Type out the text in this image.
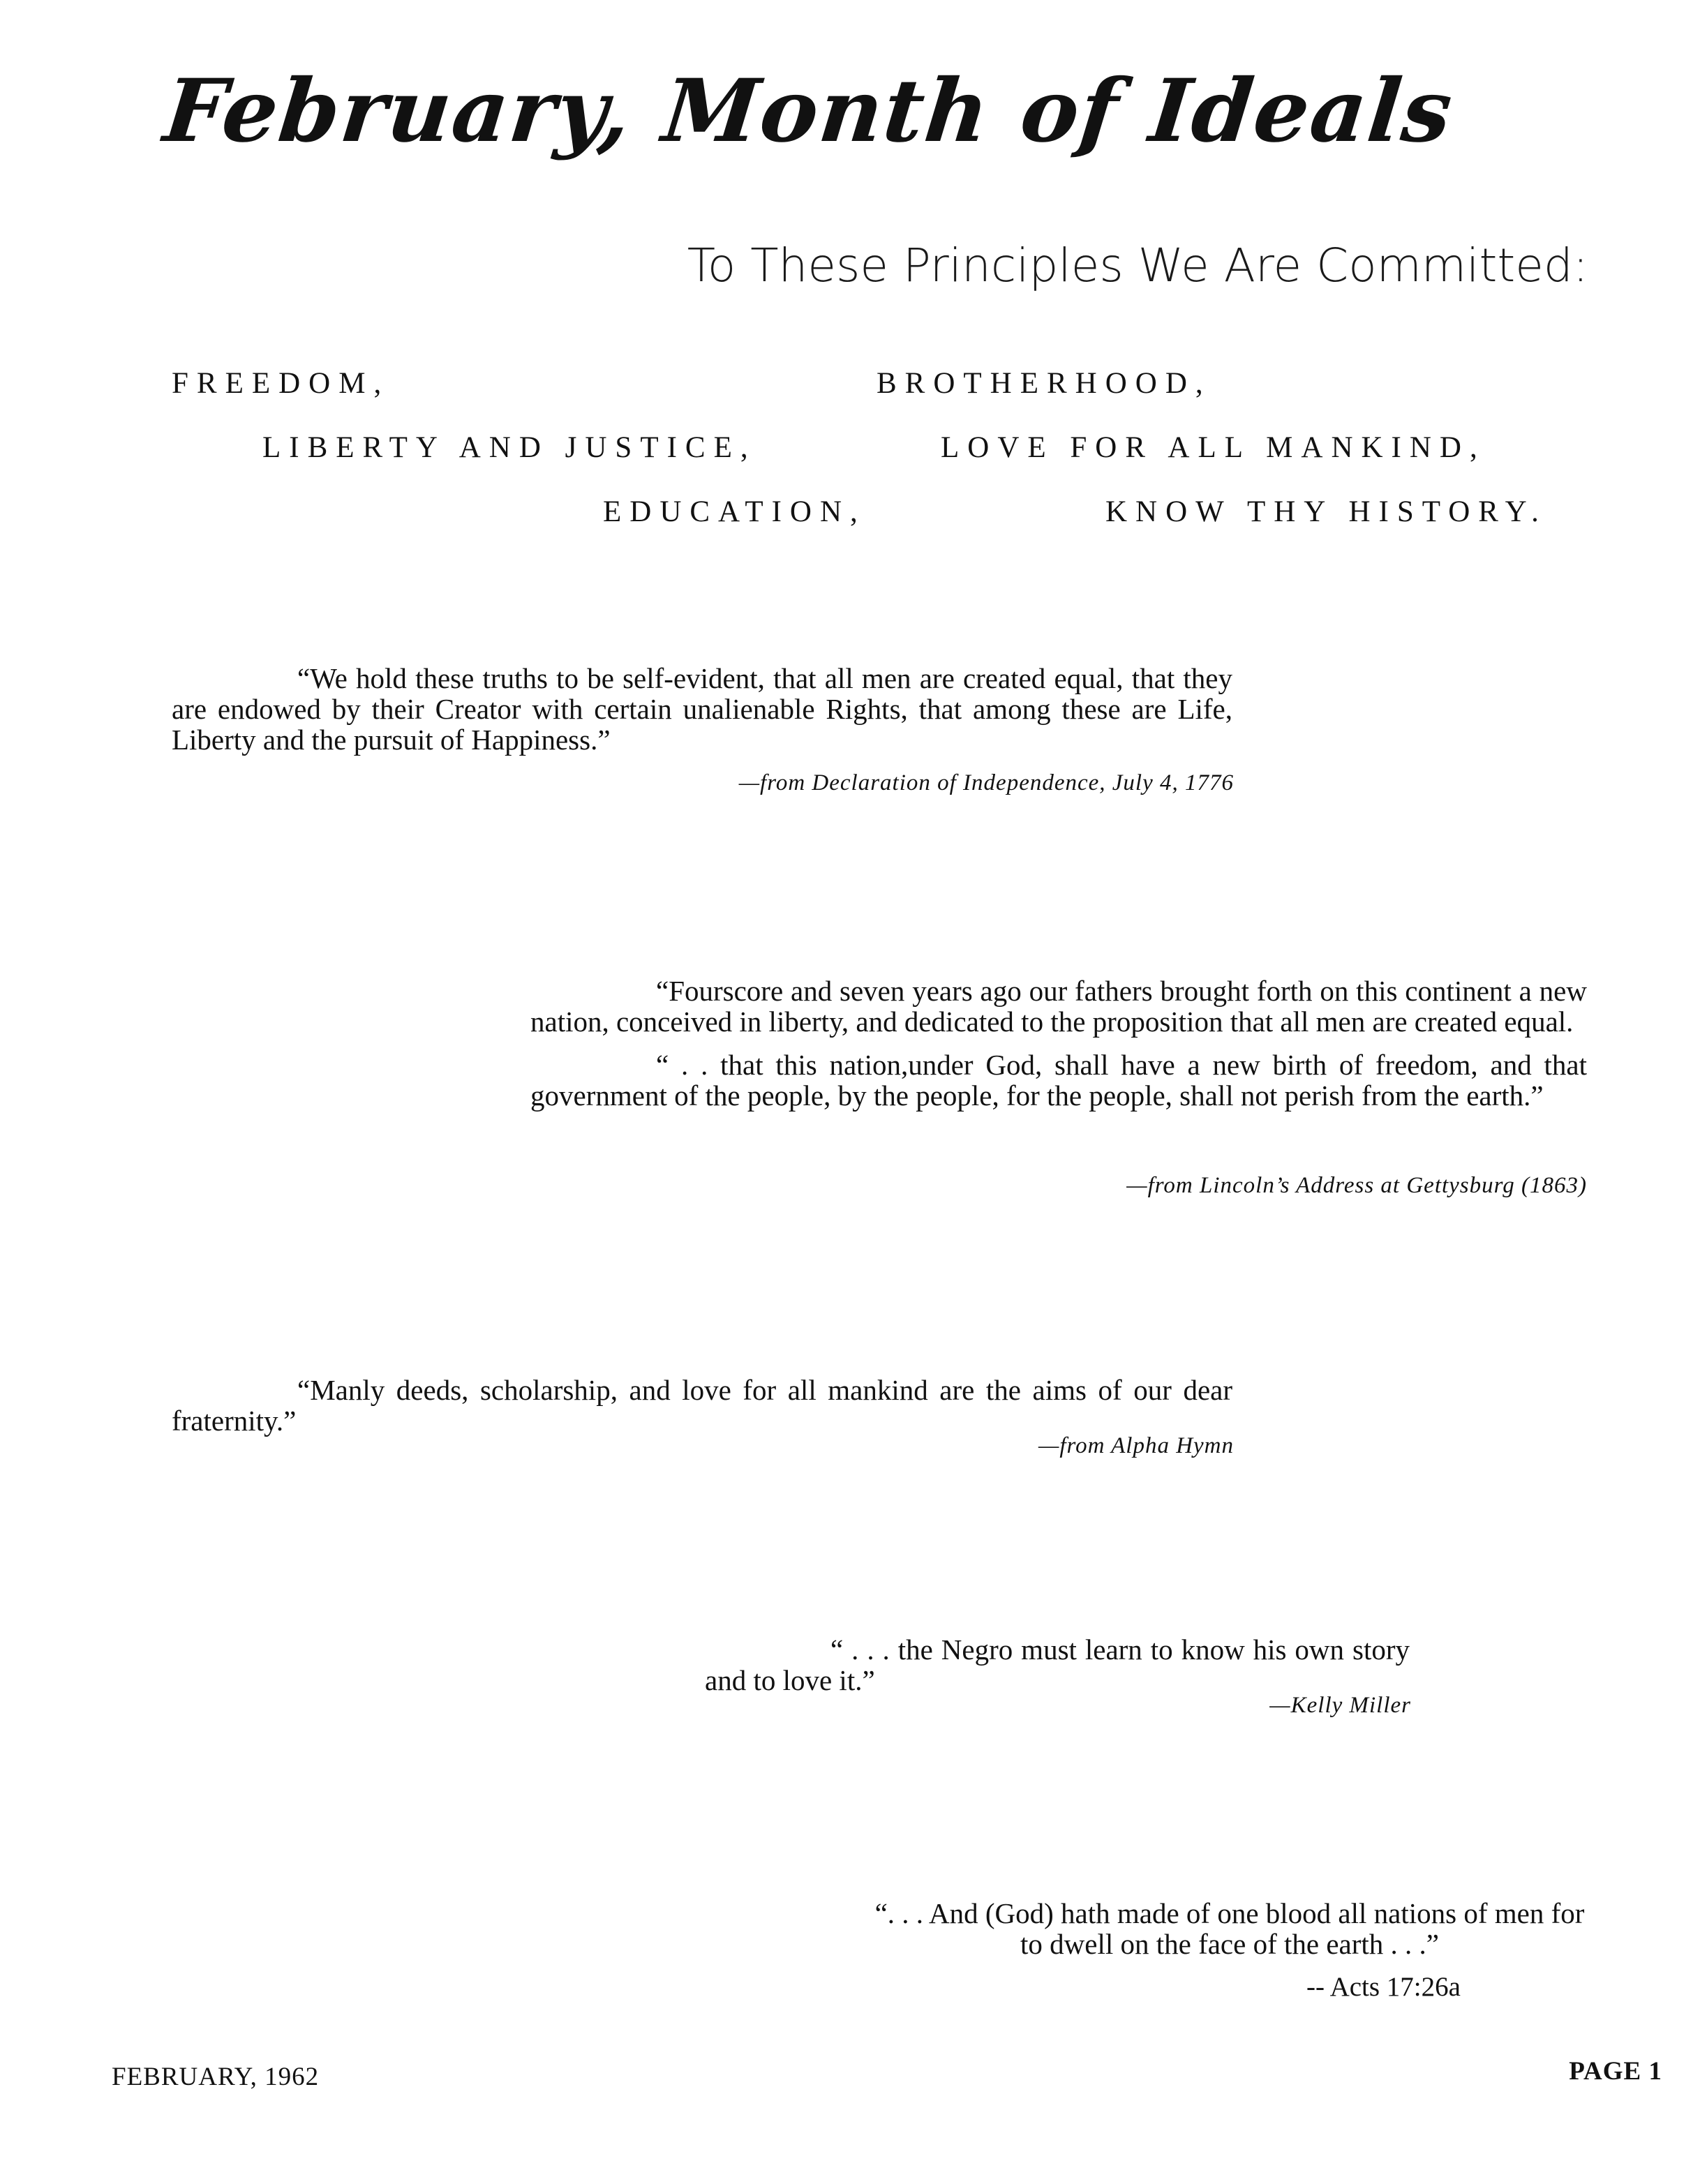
February, Month of Ideals
To These Principles We Are Committed:
FREEDOM,	BROTHERHOOD,
LIBERTY AND JUSTICE,	LOVE FOR ALL MANKIND,
EDUCATION,	KNOW THY HISTORY.

“We hold these truths to be self-evident, that all men are created equal, that they are endowed by their Creator with certain unalienable Rights, that among these are Life, Liberty and the pursuit of Happiness.”

—from Declaration of Independence, July 4, 1776

“Fourscore and seven years ago our fathers brought forth on this continent a new nation, conceived in liberty, and dedicated to the proposition that all men are created equal.

“ . . that this nation,under God, shall have a new birth of freedom, and that government of the people, by the people, for the people, shall not perish from the earth.”

—from Lincoln’s Address at Gettysburg (1863)

“Manly deeds, scholarship, and love for all mankind are the aims of our dear fraternity.”

—from Alpha Hymn

“ . . . the Negro must learn to know his own story and to love it.”

—Kelly Miller

“. . . And (God) hath made of one blood all nations of men for to dwell on the face of the earth . . .”

-- Acts 17:26a
FEBRUARY, 1962	PAGE 1
